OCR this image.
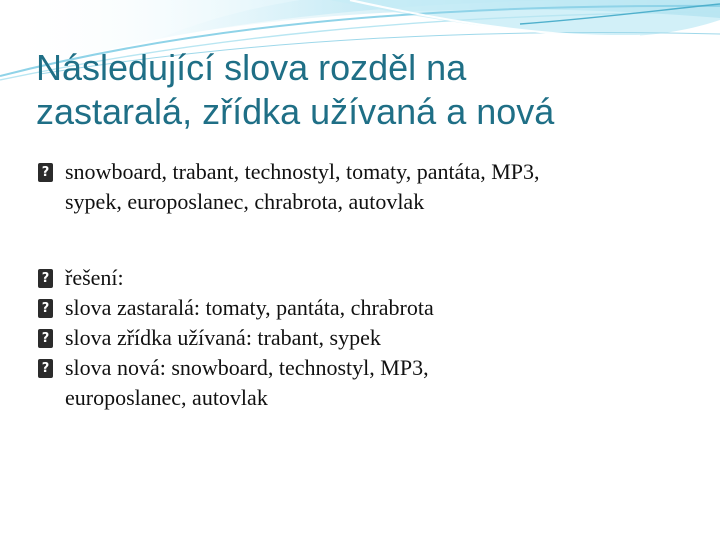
Následující slova rozděl na
zastaralá, zřídka užívaná a nová
?
snowboard, trabant, technostyl, tomaty, pantáta, MP3,
sypek, europoslanec, chrabrota, autovlak
?
řešení:
?
slova zastaralá: tomaty, pantáta, chrabrota
?
slova zřídka užívaná: trabant, sypek
?
slova nová: snowboard, technostyl, MP3,
europoslanec, autovlak
